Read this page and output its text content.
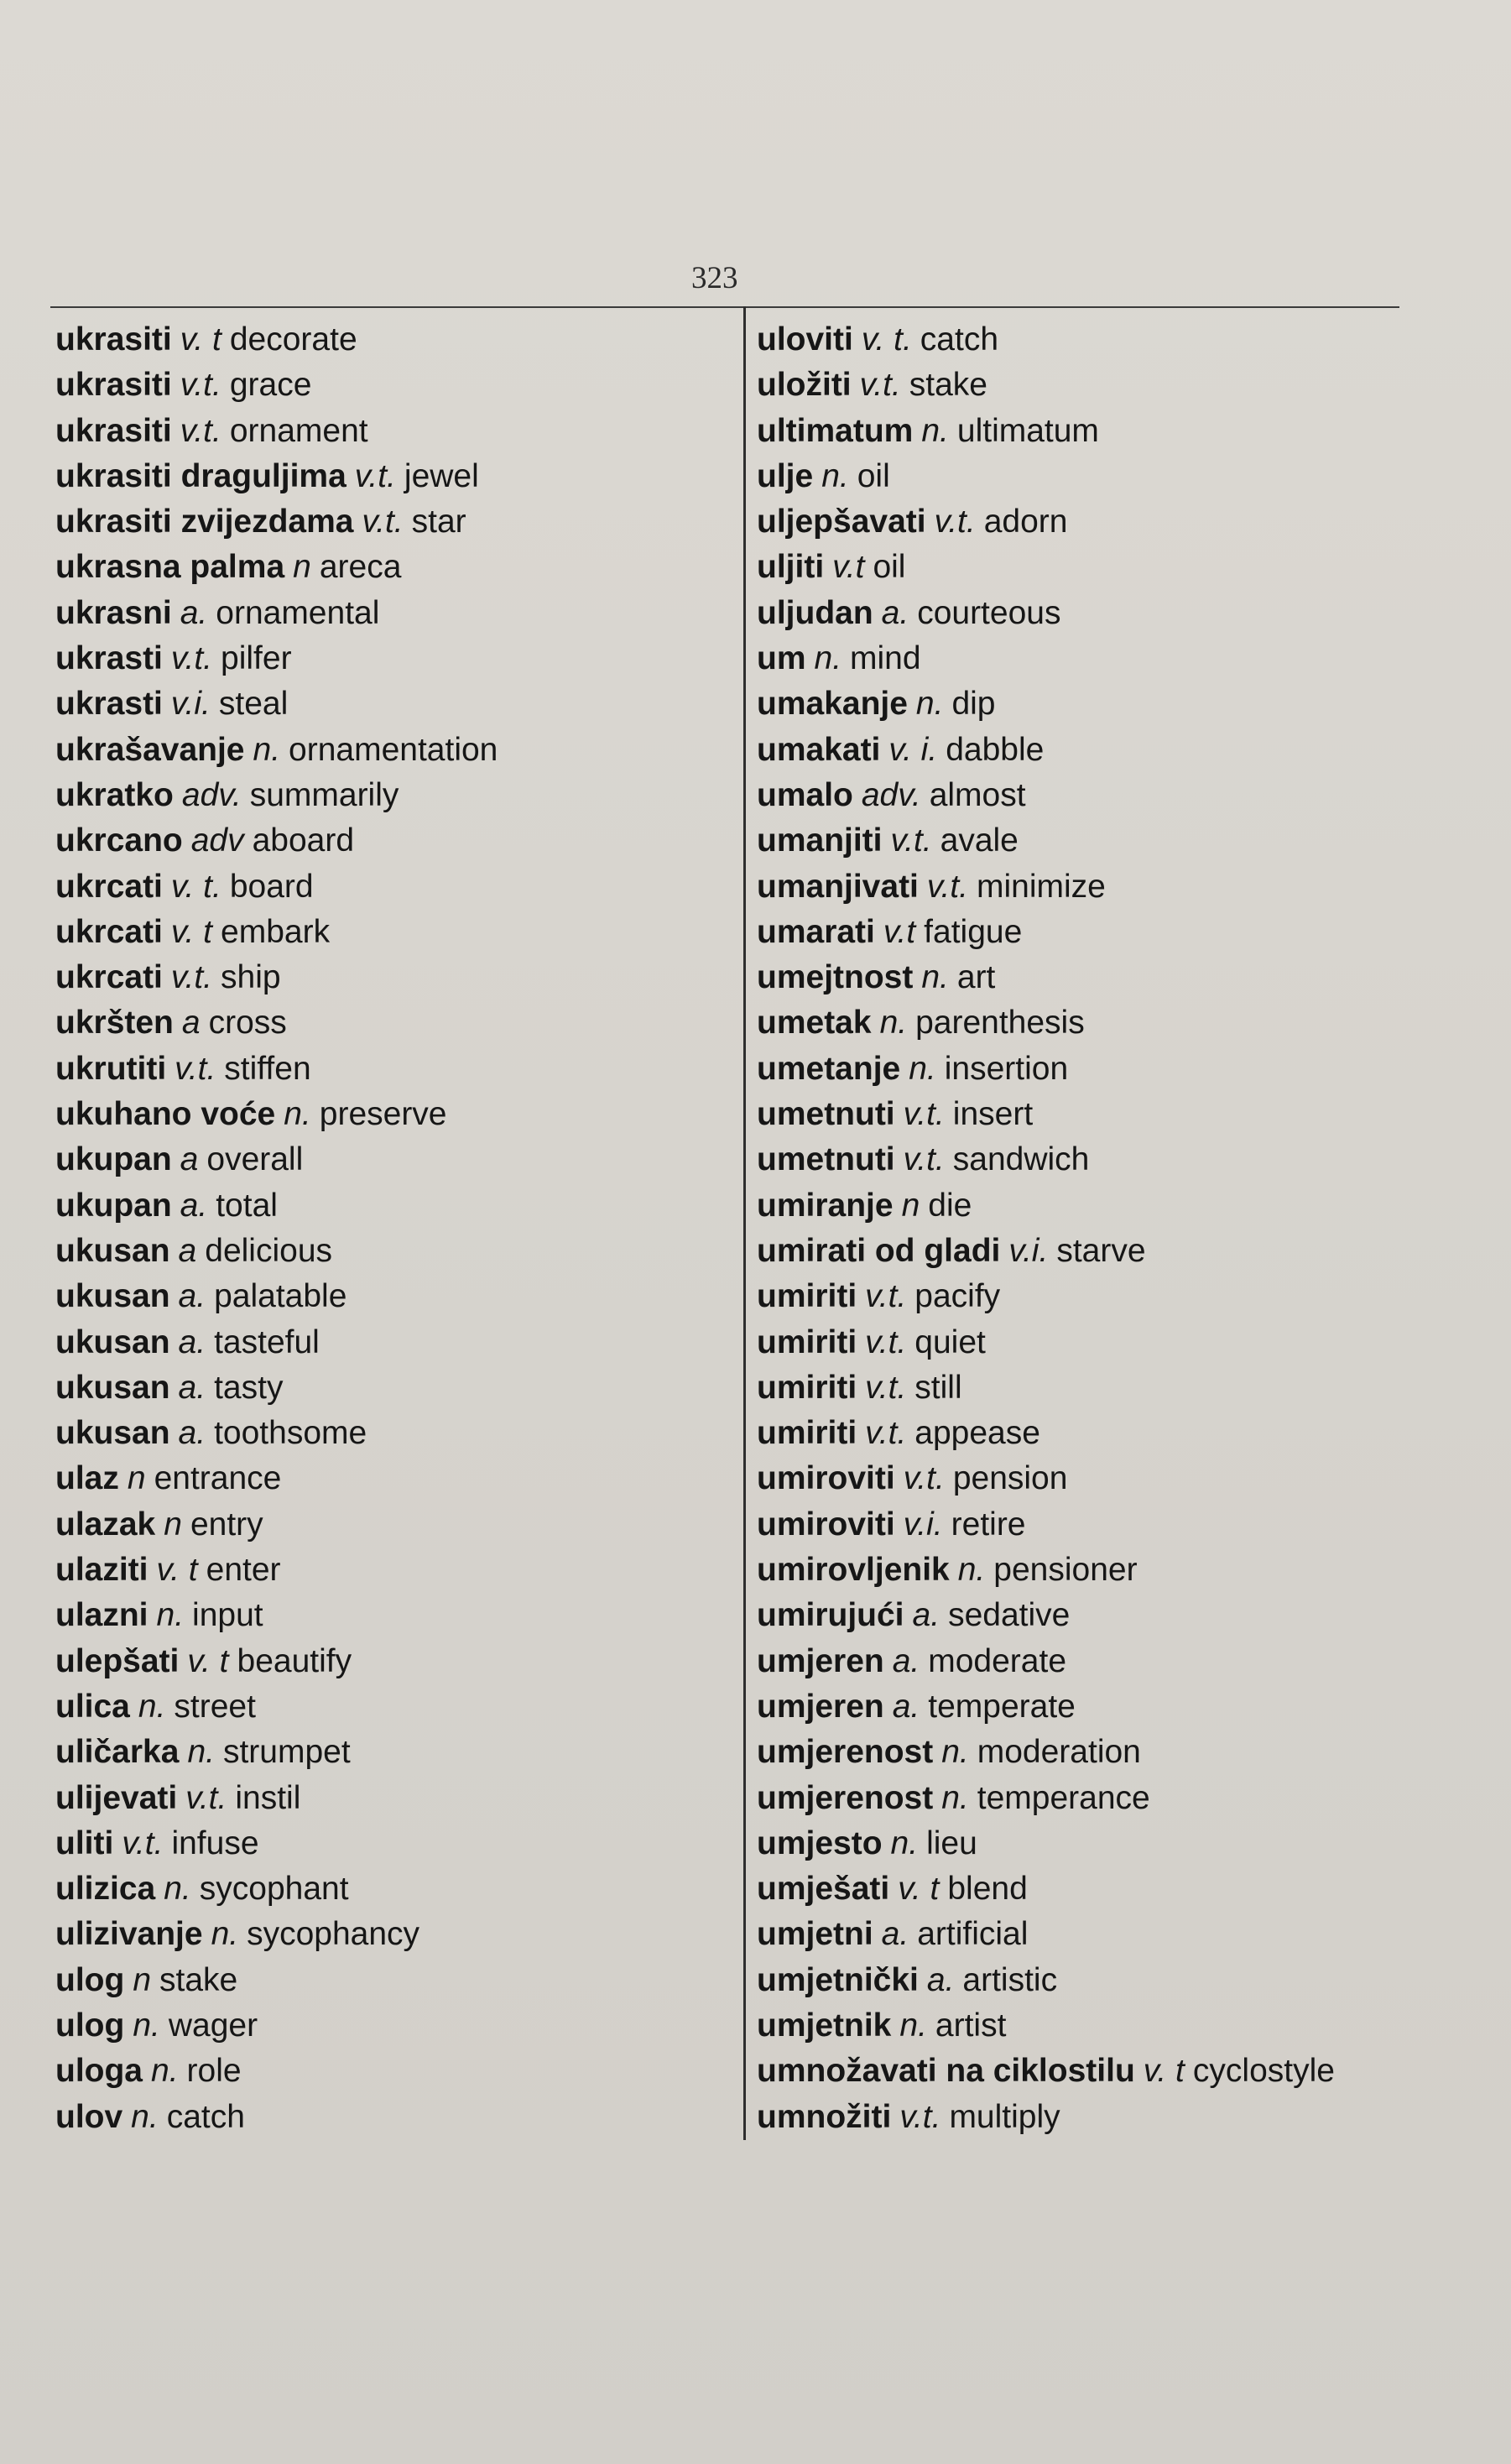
323
ukrasiti v. t decorate
ukrasiti v.t. grace
ukrasiti v.t. ornament
ukrasiti draguljima v.t. jewel
ukrasiti zvijezdama v.t. star
ukrasna palma n areca
ukrasni a. ornamental
ukrasti v.t. pilfer
ukrasti v.i. steal
ukrašavanje n. ornamentation
ukratko adv. summarily
ukrcano adv aboard
ukrcati v. t. board
ukrcati v. t embark
ukrcati v.t. ship
ukršten a cross
ukrutiti v.t. stiffen
ukuhano voće n. preserve
ukupan a overall
ukupan a. total
ukusan a delicious
ukusan a. palatable
ukusan a. tasteful
ukusan a. tasty
ukusan a. toothsome
ulaz n entrance
ulazak n entry
ulaziti v. t enter
ulazni n. input
ulepšati v. t beautify
ulica n. street
uličarka n. strumpet
ulijevati v.t. instil
uliti v.t. infuse
ulizica n. sycophant
ulizivanje n. sycophancy
ulog n stake
ulog n. wager
uloga n. role
ulov n. catch
uloviti v. t. catch
uložiti v.t. stake
ultimatum n. ultimatum
ulje n. oil
uljepšavati v.t. adorn
uljiti v.t oil
uljudan a. courteous
um n. mind
umakanje n. dip
umakati v. i. dabble
umalo adv. almost
umanjiti v.t. avale
umanjivati v.t. minimize
umarati v.t fatigue
umejtnost n. art
umetak n. parenthesis
umetanje n. insertion
umetnuti v.t. insert
umetnuti v.t. sandwich
umiranje n die
umirati od gladi v.i. starve
umiriti v.t. pacify
umiriti v.t. quiet
umiriti v.t. still
umiriti v.t. appease
umiroviti v.t. pension
umiroviti v.i. retire
umirovljenik n. pensioner
umirujući a. sedative
umjeren a. moderate
umjeren a. temperate
umjerenost n. moderation
umjerenost n. temperance
umjesto n. lieu
umješati v. t blend
umjetni a. artificial
umjetnički a. artistic
umjetnik n. artist
umnožavati na ciklostilu v. t cyclostyle
umnožiti v.t. multiply
